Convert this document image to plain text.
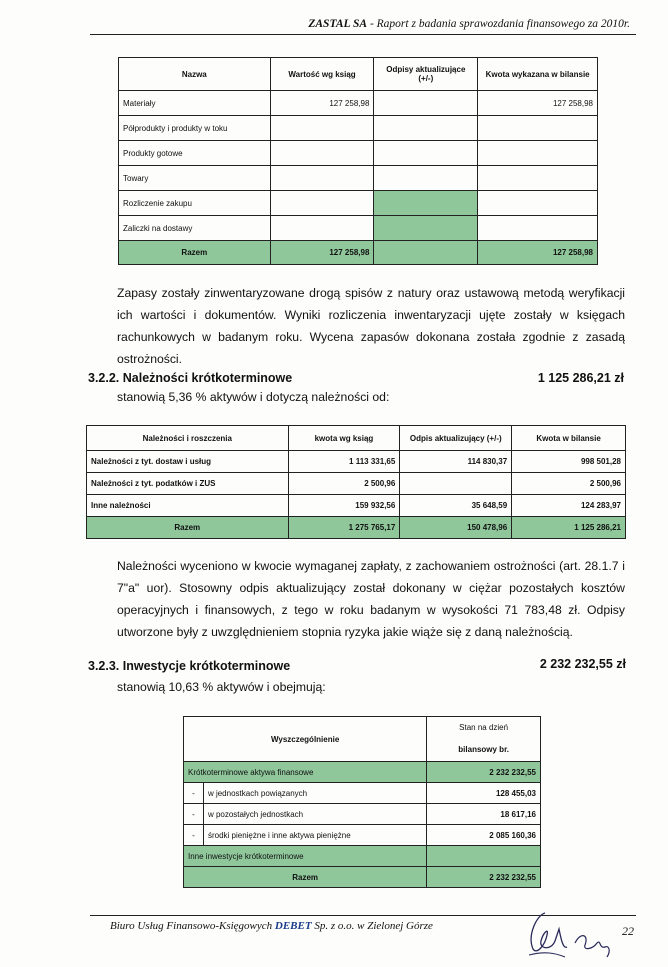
ZASTAL SA - Raport z badania sprawozdania finansowego za 2010r.
Nazwa	Wartość wg ksiąg	Odpisy aktualizujące (+/-)	Kwota wykazana w bilansie
Materiały	127 258,98		127 258,98
Półprodukty i produkty w toku			
Produkty gotowe			
Towary			
Rozliczenie zakupu			
Zaliczki na dostawy			
Razem	127 258,98		127 258,98
Zapasy zostały zinwentaryzowane drogą spisów z natury oraz ustawową metodą weryfikacji ich wartości i dokumentów. Wyniki rozliczenia inwentaryzacji ujęte zostały w księgach rachunkowych w badanym roku. Wycena zapasów dokonana została zgodnie z zasadą ostrożności.
3.2.2. Należności krótkoterminowe	1 125 286,21 zł
stanowią 5,36 % aktywów i dotyczą należności od:
Należności i roszczenia	kwota wg ksiąg	Odpis aktualizujący (+/-)	Kwota w bilansie
Należności z tyt. dostaw i usług	1 113 331,65	114 830,37	998 501,28
Należności z tyt. podatków i ZUS	2 500,96		2 500,96
Inne należności	159 932,56	35 648,59	124 283,97
Razem	1 275 765,17	150 478,96	1 125 286,21
Należności wyceniono w kwocie wymaganej zapłaty, z zachowaniem ostrożności (art. 28.1.7 i 7"a" uor). Stosowny odpis aktualizujący został dokonany w ciężar pozostałych kosztów operacyjnych i finansowych, z tego w roku badanym w wysokości 71 783,48 zł. Odpisy utworzone były z uwzględnieniem stopnia ryzyka jakie wiąże się z daną należnością.
3.2.3. Inwestycje krótkoterminowe	2 232 232,55 zł
stanowią 10,63 % aktywów i obejmują:
Wyszczególnienie		Stan na dzień
bilansowy br.

Krótkoterminowe aktywa finansowe		2 232 232,55
-	w jednostkach powiązanych	128 455,03
-	w pozostałych jednostkach	18 617,16
-	środki pieniężne i inne aktywa pieniężne	2 085 160,36
Inne inwestycje krótkoterminowe		
Razem		2 232 232,55
Biuro Usług Finansowo-Księgowych DEBET Sp. z o.o. w Zielonej Górze	22
